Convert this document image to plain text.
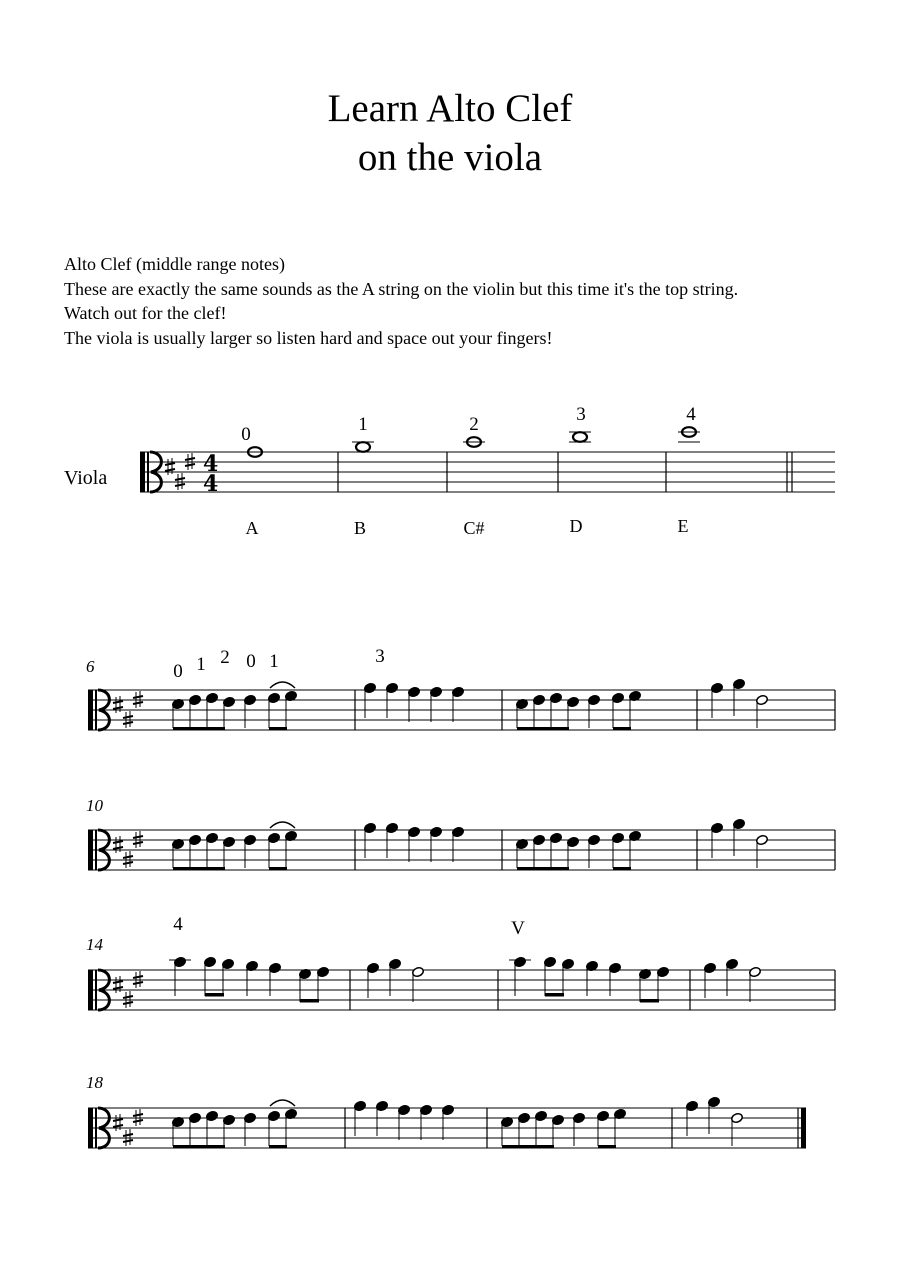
Learn Alto Clef
on the viola
Alto Clef (middle range notes)
These are exactly the same sounds as the A string on the violin but this time it's the top string.
Watch out for the clef!
The viola is usually larger so listen hard and space out your fingers!
Viola
0	1	2	3	4
A	B	C#	D	E
6
10
14
18
0 1 2 0 1	3
4	V
4
4
